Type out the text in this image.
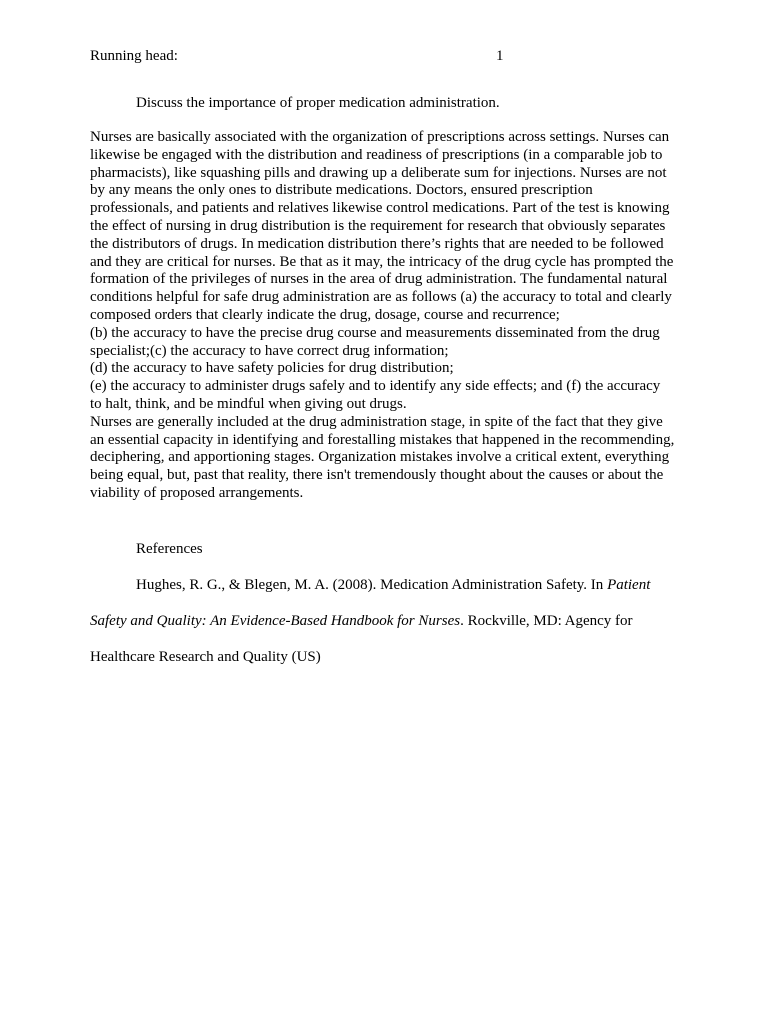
Running head:	1
Discuss the importance of proper medication administration.
Nurses are basically associated with the organization of prescriptions across settings. Nurses can
likewise be engaged with the distribution and readiness of prescriptions (in a comparable job to
pharmacists), like squashing pills and drawing up a deliberate sum for injections. Nurses are not
by any means the only ones to distribute medications. Doctors, ensured prescription
professionals, and patients and relatives likewise control medications. Part of the test is knowing
the effect of nursing in drug distribution is the requirement for research that obviously separates
the distributors of drugs. In medication distribution there’s rights that are needed to be followed
and they are critical for nurses. Be that as it may, the intricacy of the drug cycle has prompted the
formation of the privileges of nurses in the area of drug administration. The fundamental natural
conditions helpful for safe drug administration are as follows (a) the accuracy to total and clearly
composed orders that clearly indicate the drug, dosage, course and recurrence;
(b) the accuracy to have the precise drug course and measurements disseminated from the drug
specialist;(c) the accuracy to have correct drug information;
(d) the accuracy to have safety policies for drug distribution;
(e) the accuracy to administer drugs safely and to identify any side effects; and (f) the accuracy
to halt, think, and be mindful when giving out drugs.
Nurses are generally included at the drug administration stage, in spite of the fact that they give
an essential capacity in identifying and forestalling mistakes that happened in the recommending,
deciphering, and apportioning stages. Organization mistakes involve a critical extent, everything
being equal, but, past that reality, there isn't tremendously thought about the causes or about the
viability of proposed arrangements.
References
Hughes, R. G., & Blegen, M. A. (2008). Medication Administration Safety. In Patient
Safety and Quality: An Evidence-Based Handbook for Nurses. Rockville, MD: Agency for
Healthcare Research and Quality (US)
